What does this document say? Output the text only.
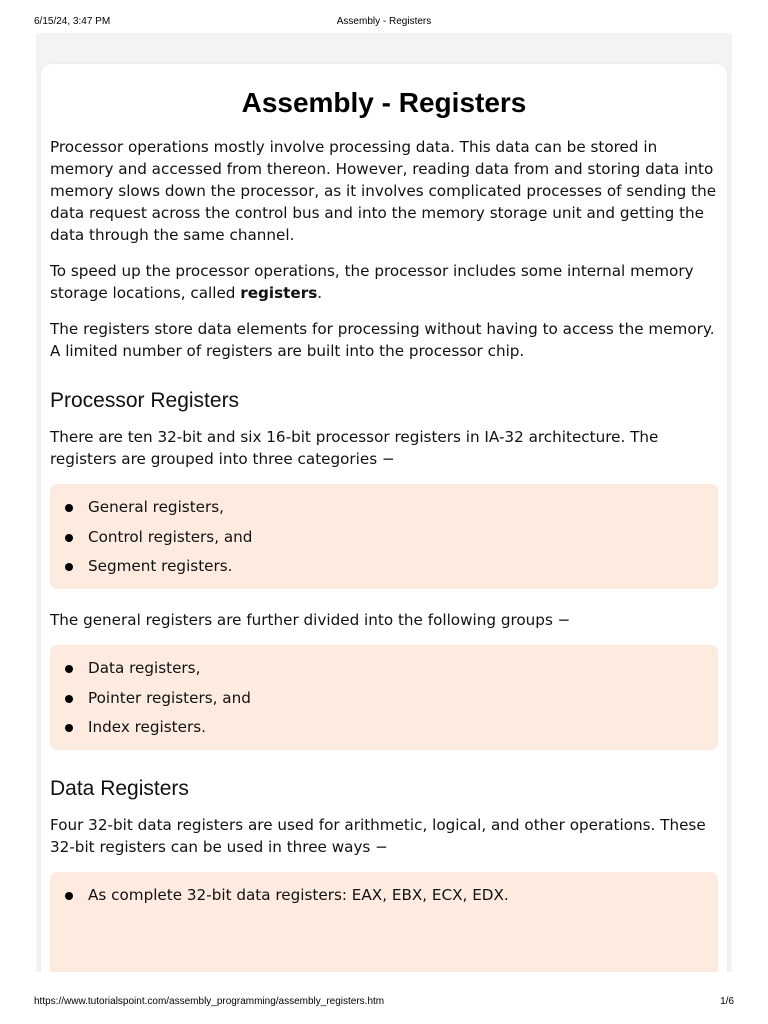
6/15/24, 3:47 PM	Assembly - Registers
Assembly - Registers

Processor operations mostly involve processing data. This data can be stored in memory and accessed from thereon. However, reading data from and storing data into memory slows down the processor, as it involves complicated processes of sending the data request across the control bus and into the memory storage unit and getting the data through the same channel.

To speed up the processor operations, the processor includes some internal memory storage locations, called registers.

The registers store data elements for processing without having to access the memory. A limited number of registers are built into the processor chip.

Processor Registers

There are ten 32-bit and six 16-bit processor registers in IA-32 architecture. The registers are grouped into three categories −

General registers,
Control registers, and
Segment registers.

The general registers are further divided into the following groups −

Data registers,
Pointer registers, and
Index registers.
Data Registers

Four 32-bit data registers are used for arithmetic, logical, and other operations. These 32-bit registers can be used in three ways −

As complete 32-bit data registers: EAX, EBX, ECX, EDX.
https://www.tutorialspoint.com/assembly_programming/assembly_registers.htm	1/6
